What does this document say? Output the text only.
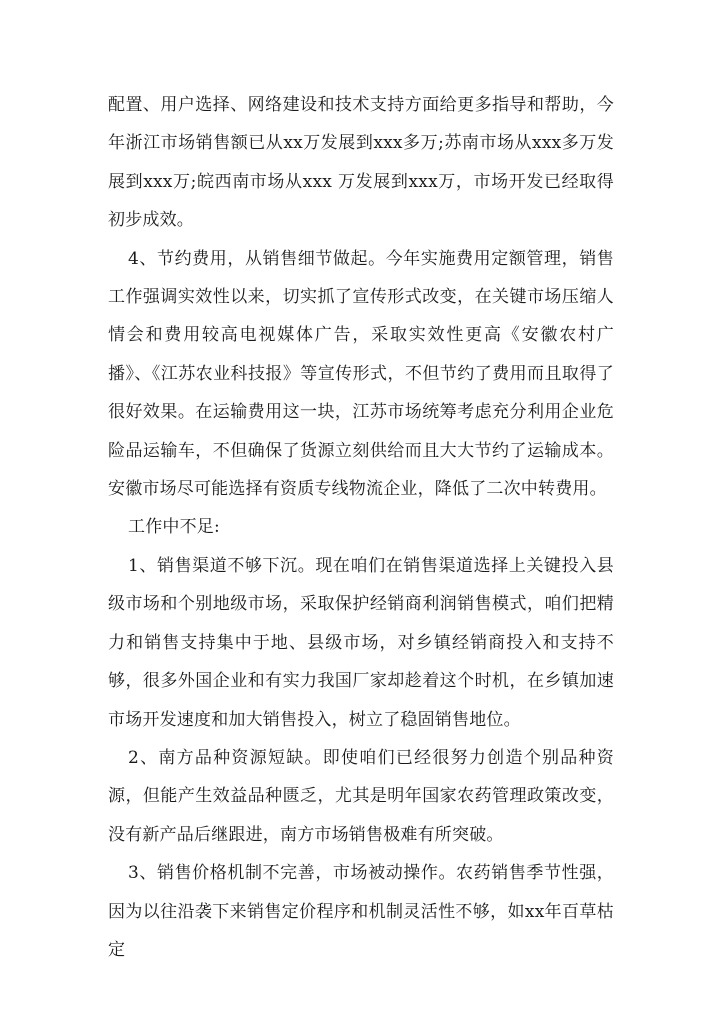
配置、用户选择、网络建设和技术支持方面给更多指导和帮助，今年浙江市场销售额已从xx万发展到xxx多万;苏南市场从xxx多万发展到xxx万;皖西南市场从xxx 万发展到xxx万，市场开发已经取得初步成效。

4、节约费用，从销售细节做起。今年实施费用定额管理，销售工作强调实效性以来，切实抓了宣传形式改变，在关键市场压缩人情会和费用较高电视媒体广告，采取实效性更高《安徽农村广播》、《江苏农业科技报》等宣传形式，不但节约了费用而且取得了很好效果。在运输费用这一块，江苏市场统筹考虑充分利用企业危险品运输车，不但确保了货源立刻供给而且大大节约了运输成本。安徽市场尽可能选择有资质专线物流企业，降低了二次中转费用。

工作中不足:

1、销售渠道不够下沉。现在咱们在销售渠道选择上关键投入县级市场和个别地级市场，采取保护经销商利润销售模式，咱们把精力和销售支持集中于地、县级市场，对乡镇经销商投入和支持不够，很多外国企业和有实力我国厂家却趁着这个时机，在乡镇加速市场开发速度和加大销售投入，树立了稳固销售地位。

2、南方品种资源短缺。即使咱们已经很努力创造个别品种资源，但能产生效益品种匮乏，尤其是明年国家农药管理政策改变，没有新产品后继跟进，南方市场销售极难有所突破。

3、销售价格机制不完善，市场被动操作。农药销售季节性强，因为以往沿袭下来销售定价程序和机制灵活性不够，如xx年百草枯定
